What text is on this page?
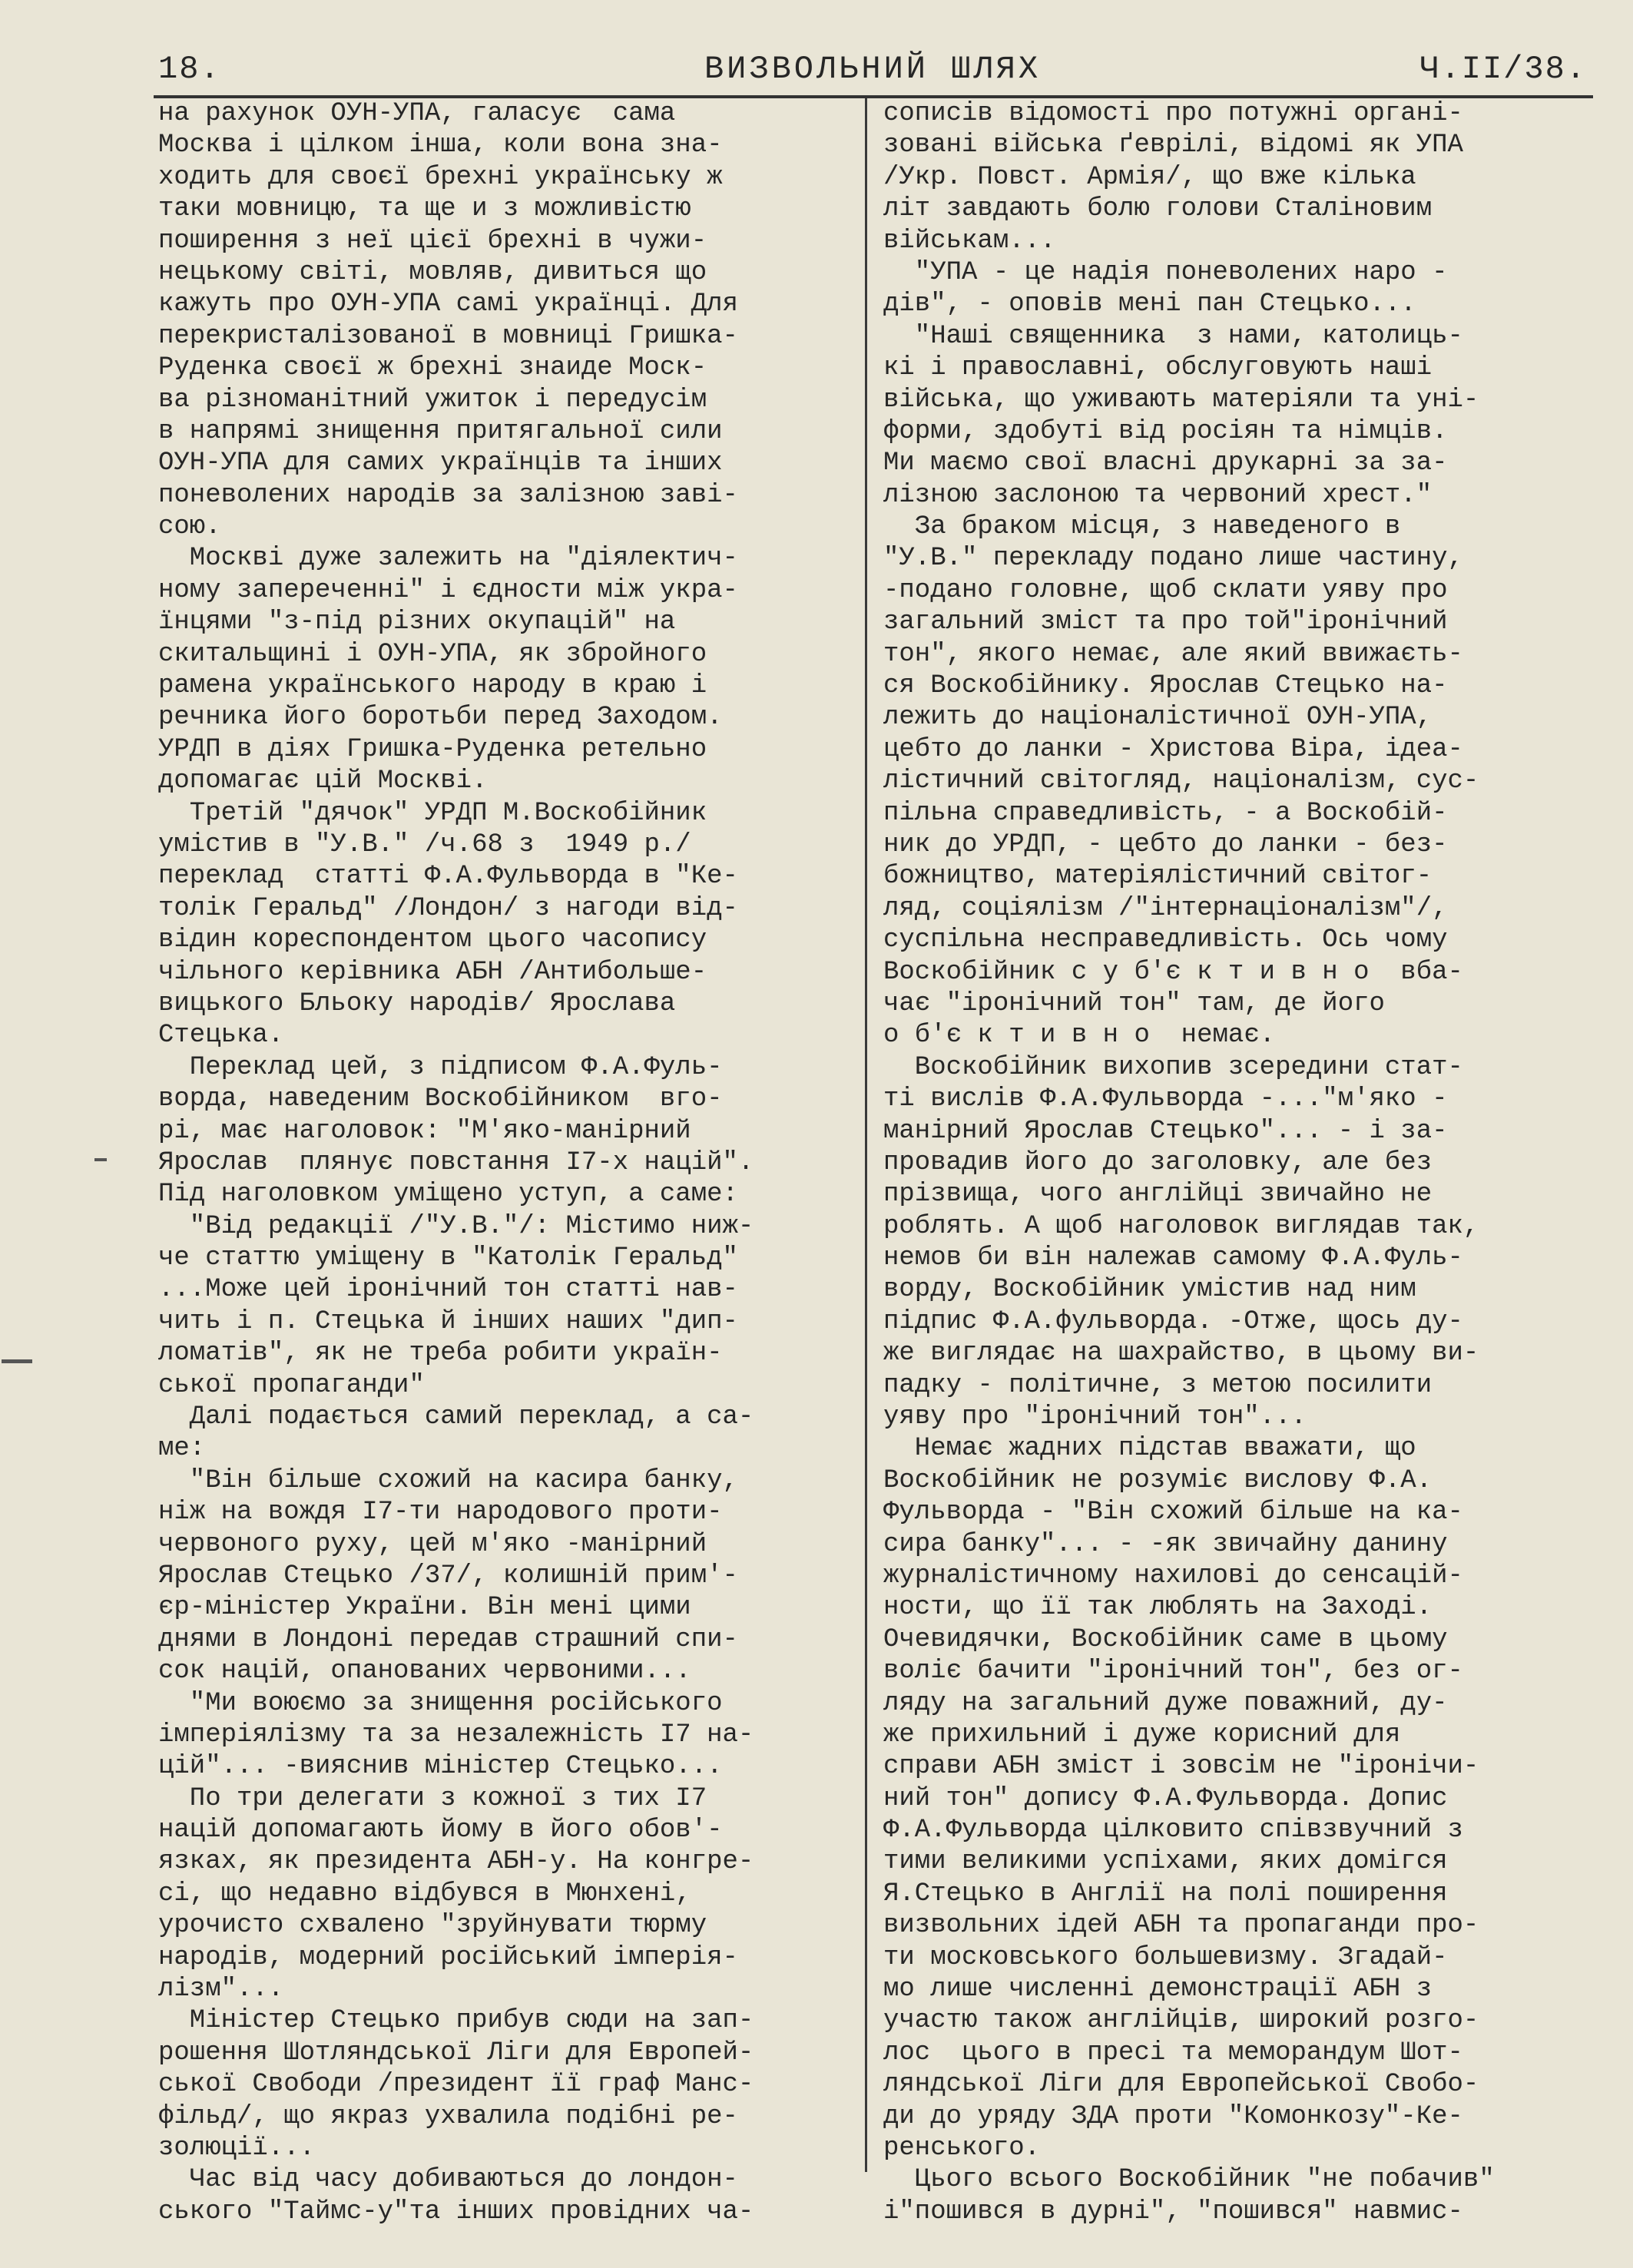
18.	ВИЗВОЛЬНИЙ ШЛЯХ	Ч.II/38.
на рахунок ОУН-УПА, галасує  сама
Москва і цілком інша, коли вона зна-
ходить для своєї брехні українську ж
таки мовницю, та ще и з можливістю
поширення з неї цієї брехні в чужи-
нецькому світі, мовляв, дивиться що
кажуть про ОУН-УПА самі українці. Для
перекристалізованої в мовниці Гришка-
Руденка своєї ж брехні знаиде Моск-
ва різноманітний ужиток і передусім
в напрямі знищення притягальної сили
ОУН-УПА для самих українців та інших
поневолених народів за залізною заві-
сою.
Москві дуже залежить на "діялектич-
ному запереченні" і єдности між укра-
їнцями "з-під різних окупацій" на
скитальщині і ОУН-УПА, як збройного
рамена українського народу в краю і
речника його боротьби перед Заходом.
УРДП в діях Гришка-Руденка ретельно
допомагає цій Москві.
Третій "дячок" УРДП М.Воскобійник
умістив в "У.В." /ч.68 з  1949 р./
переклад  статті Ф.А.Фульворда в "Ке-
толік Геральд" /Лондон/ з нагоди від-
відин кореспондентом цього часопису
чільного керівника АБН /Антибольше-
вицького Бльоку народів/ Ярослава
Стецька.
Переклад цей, з підписом Ф.А.Фуль-
ворда, наведеним Воскобійником  вго-
рі, має наголовок: "М'яко-манірний
Ярослав  плянує повстання I7-х націй".
Під наголовком уміщено уступ, а саме:
"Від редакції /"У.В."/: Містимо ниж-
че статтю уміщену в "Католік Геральд"
...Може цей іронічний тон статті нав-
чить і п. Стецька й інших наших "дип-
ломатів", як не треба робити україн-
ської пропаганди"
Далі подається самий переклад, а са-
ме:
"Він більше схожий на касира банку,
ніж на вождя I7-ти народового проти-
червоного руху, цей м'яко -манірний
Ярослав Стецько /37/, колишній прим'-
єр-міністер України. Він мені цими
днями в Лондоні передав страшний спи-
сок націй, опанованих червоними...
"Ми воюємо за знищення російського
імперіялізму та за незалежність I7 на-
цій"... -вияснив міністер Стецько...
По три делегати з кожної з тих I7
націй допомагають йому в його обов'-
язках, як президента АБН-у. На конгре-
сі, що недавно відбувся в Мюнхені,
урочисто схвалено "зруйнувати тюрму
народів, модерний російський імперія-
лізм"...
Міністер Стецько прибув сюди на зап-
рошення Шотляндської Ліги для Европей-
ської Свободи /президент її граф Манс-
фільд/, що якраз ухвалила подібні ре-
золюції...
Час від часу добиваються до лондон-
ського "Таймс-у"та інших провідних ча-
сописів відомості про потужні органі-
зовані війська ґеврілі, відомі як УПА
/Укр. Повст. Армія/, що вже кілька
літ завдають болю голови Сталіновим
військам...
"УПА - це надія поневолених наро -
дів", - оповів мені пан Стецько...
"Наші священника  з нами, католиць-
кі і православні, обслуговують наші
війська, що уживають матеріяли та уні-
форми, здобуті від росіян та німців.
Ми маємо свої власні друкарні за за-
лізною заслоною та червоний хрест."
За браком місця, з наведеного в
"У.В." перекладу подано лише частину,
-подано головне, щоб склати уяву про
загальний зміст та про той"іронічний
тон", якого немає, але який ввижаєть-
ся Воскобійнику. Ярослав Стецько на-
лежить до націоналістичної ОУН-УПА,
цебто до ланки - Христова Віра, ідеа-
лістичний світогляд, націоналізм, сус-
пільна справедливість, - а Воскобій-
ник до УРДП, - цебто до ланки - без-
божництво, матеріялістичний світог-
ляд, соціялізм /"інтернаціоналізм"/,
суспільна несправедливість. Ось чому
Воскобійник с у б'є к т и в н о  вба-
чає "іронічний тон" там, де його
о б'є к т и в н о  немає.
Воскобійник вихопив зсередини стат-
ті вислів Ф.А.Фульворда -..."м'яко -
манірний Ярослав Стецько"... - і за-
провадив його до заголовку, але без
прізвища, чого англійці звичайно не
роблять. А щоб наголовок виглядав так,
немов би він належав самому Ф.А.Фуль-
ворду, Воскобійник умістив над ним
підпис Ф.А.фульворда. -Отже, щось ду-
же виглядає на шахрайство, в цьому ви-
падку - політичне, з метою посилити
уяву про "іронічний тон"...
Немає жадних підстав вважати, що
Воскобійник не розуміє вислову Ф.А.
Фульворда - "Він схожий більше на ка-
сира банку"... - -як звичайну данину
журналістичному нахилові до сенсацій-
ности, що її так люблять на Заході.
Очевидячки, Воскобійник саме в цьому
воліє бачити "іронічний тон", без ог-
ляду на загальний дуже поважний, ду-
же прихильний і дуже корисний для
справи АБН зміст і зовсім не "іронічи-
ний тон" допису Ф.А.Фульворда. Допис
Ф.А.Фульворда цілковито співзвучний з
тими великими успіхами, яких домігся
Я.Стецько в Англії на полі поширення
визвольних ідей АБН та пропаганди про-
ти московського большевизму. Згадай-
мо лише численні демонстрації АБН з
участю також англійців, широкий розго-
лос  цього в пресі та меморандум Шот-
ляндської Ліги для Европейської Свобо-
ди до уряду ЗДА проти "Комонкозу"-Ке-
ренського.
Цього всього Воскобійник "не побачив"
і"пошився в дурні", "пошився" навмис-
